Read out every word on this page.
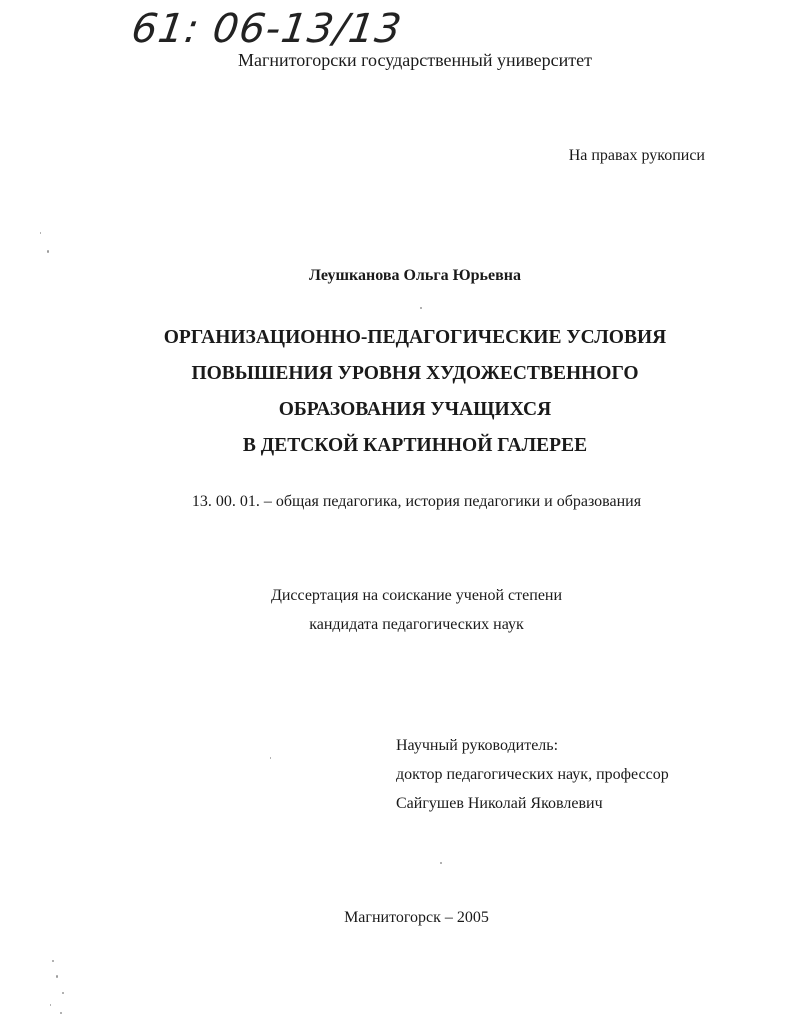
61: 06-13/13
Магнитогорски государственный университет
На правах рукописи
Леушканова Ольга Юрьевна
ОРГАНИЗАЦИОННО-ПЕДАГОГИЧЕСКИЕ УСЛОВИЯ
ПОВЫШЕНИЯ УРОВНЯ ХУДОЖЕСТВЕННОГО
ОБРАЗОВАНИЯ УЧАЩИХСЯ
В ДЕТСКОЙ КАРТИННОЙ ГАЛЕРЕЕ
13. 00. 01. – общая педагогика, история педагогики и образования
Диссертация на соискание ученой степени
кандидата педагогических наук
Научный руководитель:
доктор педагогических наук, профессор
Сайгушев Николай Яковлевич
Магнитогорск – 2005
